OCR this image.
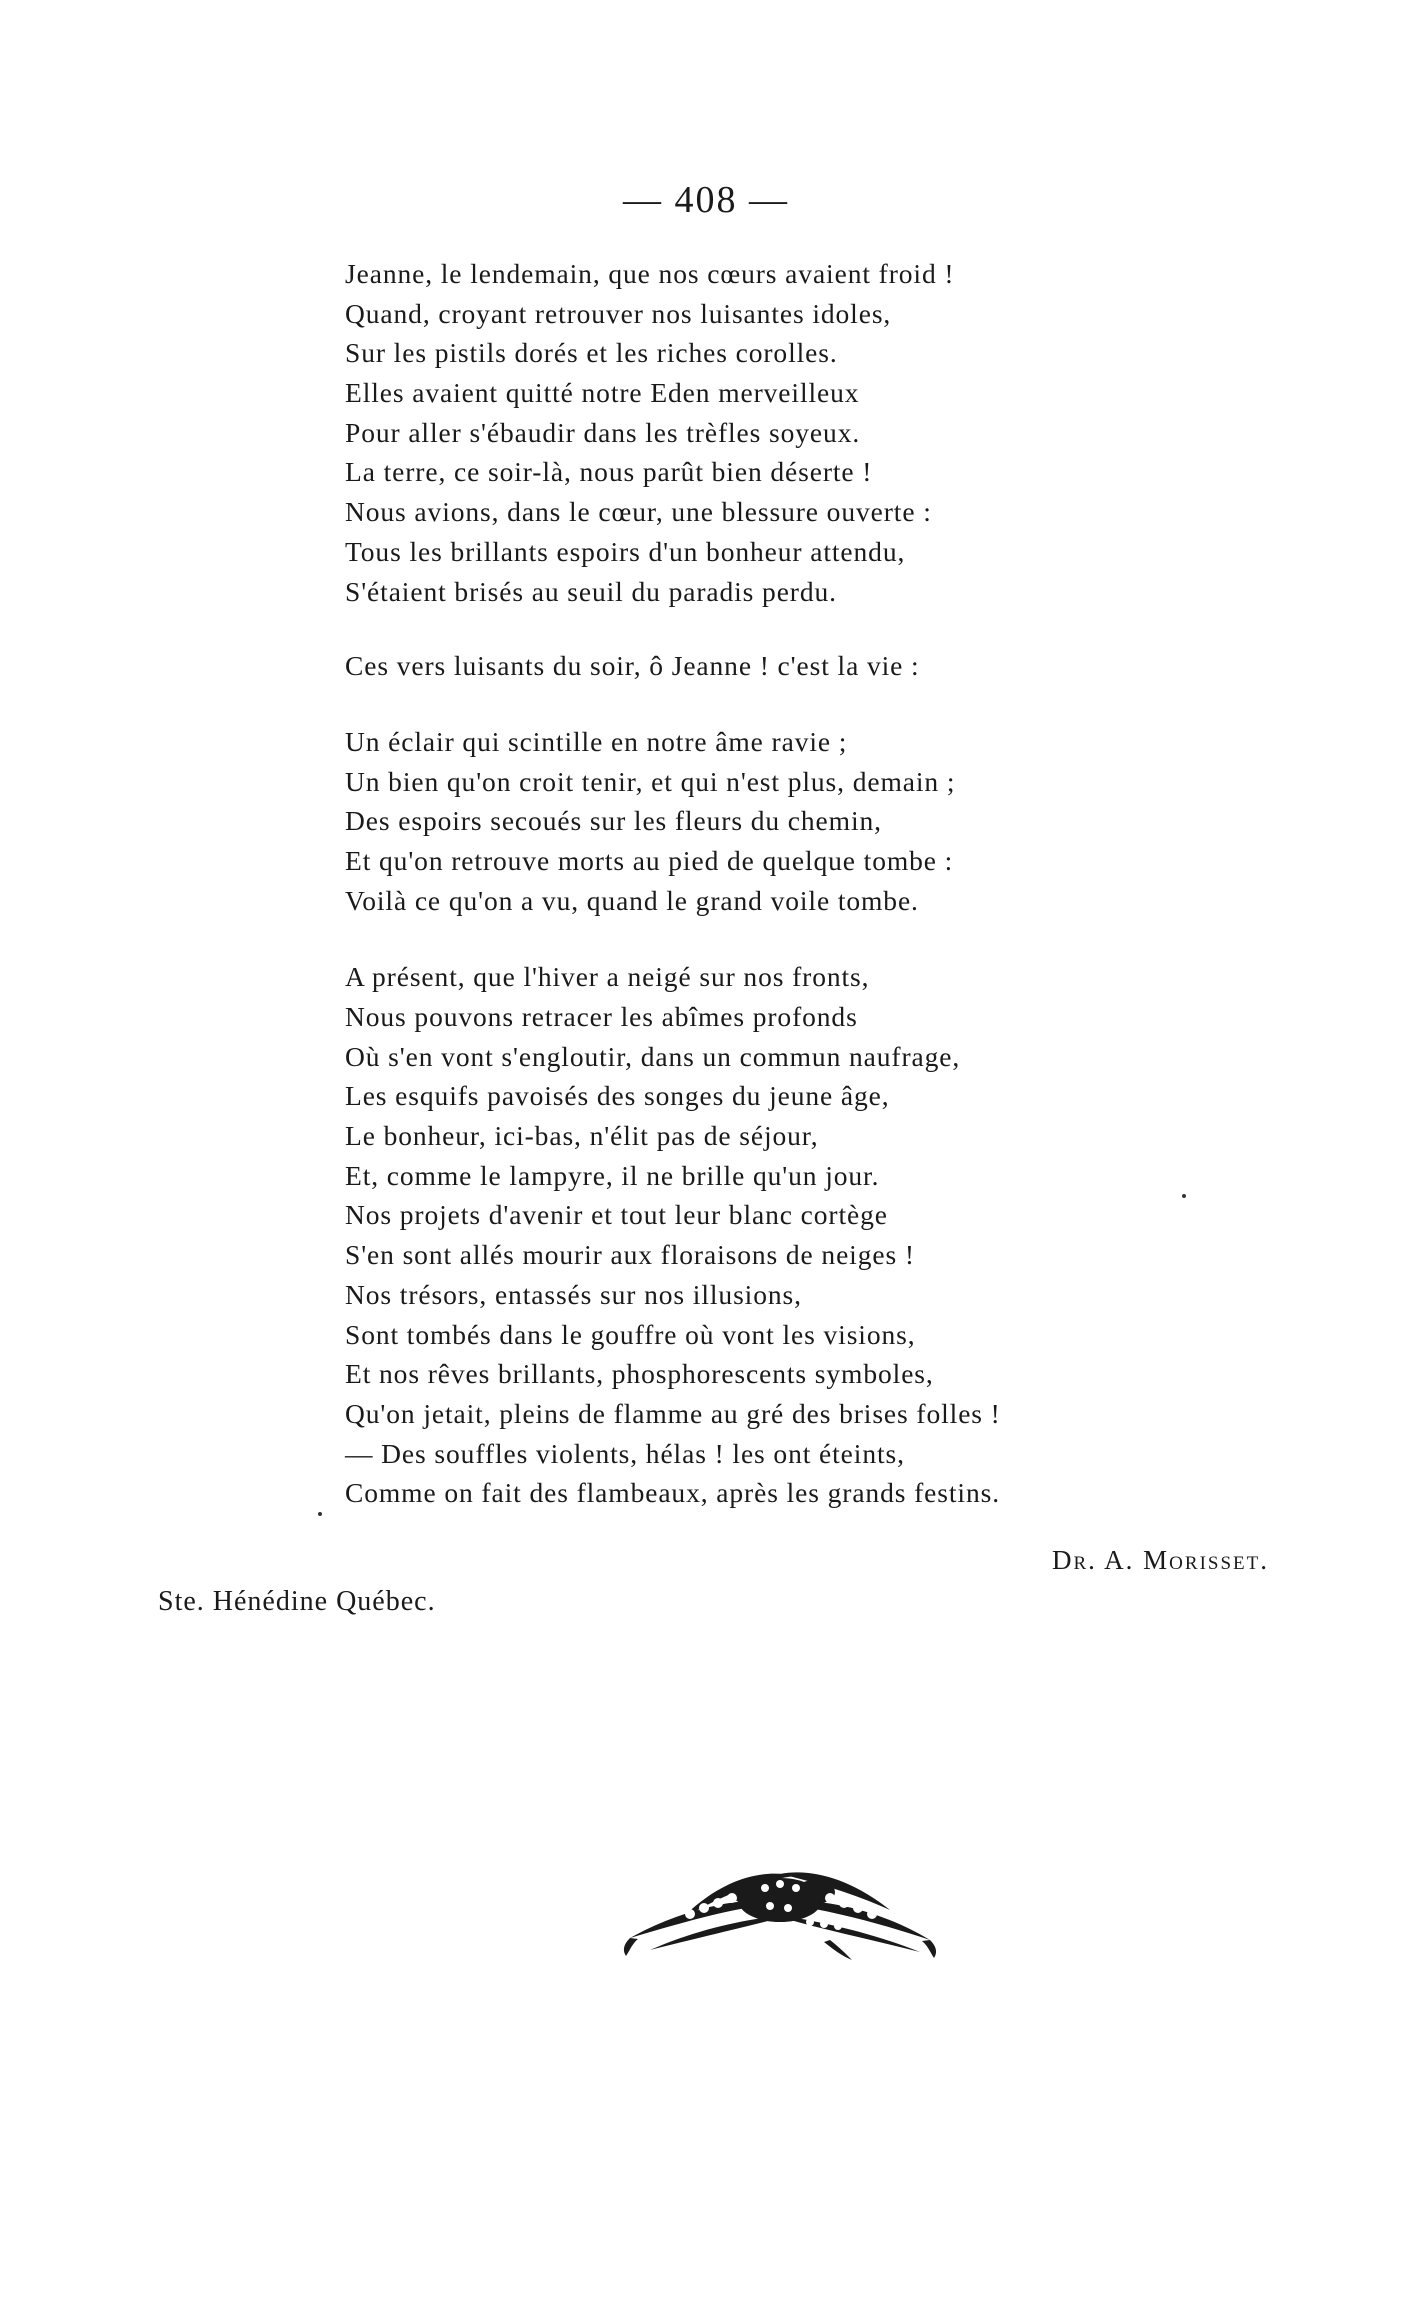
— 408 —
Jeanne, le lendemain, que nos cœurs avaient froid !
Quand, croyant retrouver nos luisantes idoles,
Sur les pistils dorés et les riches corolles.
Elles avaient quitté notre Eden merveilleux
Pour aller s'ébaudir dans les trèfles soyeux.
La terre, ce soir-là, nous parût bien déserte !
Nous avions, dans le cœur, une blessure ouverte :
Tous les brillants espoirs d'un bonheur attendu,
S'étaient brisés au seuil du paradis perdu.
Ces vers luisants du soir, ô Jeanne ! c'est la vie :
Un éclair qui scintille en notre âme ravie ;
Un bien qu'on croit tenir, et qui n'est plus, demain ;
Des espoirs secoués sur les fleurs du chemin,
Et qu'on retrouve morts au pied de quelque tombe :
Voilà ce qu'on a vu, quand le grand voile tombe.
A présent, que l'hiver a neigé sur nos fronts,
Nous pouvons retracer les abîmes profonds
Où s'en vont s'engloutir, dans un commun naufrage,
Les esquifs pavoisés des songes du jeune âge,
Le bonheur, ici-bas, n'élit pas de séjour,
Et, comme le lampyre, il ne brille qu'un jour.
Nos projets d'avenir et tout leur blanc cortège
S'en sont allés mourir aux floraisons de neiges !
Nos trésors, entassés sur nos illusions,
Sont tombés dans le gouffre où vont les visions,
Et nos rêves brillants, phosphorescents symboles,
Qu'on jetait, pleins de flamme au gré des brises folles !
— Des souffles violents, hélas ! les ont éteints,
Comme on fait des flambeaux, après les grands festins.
Dr. A. Morisset.
Ste. Hénédine Québec.
